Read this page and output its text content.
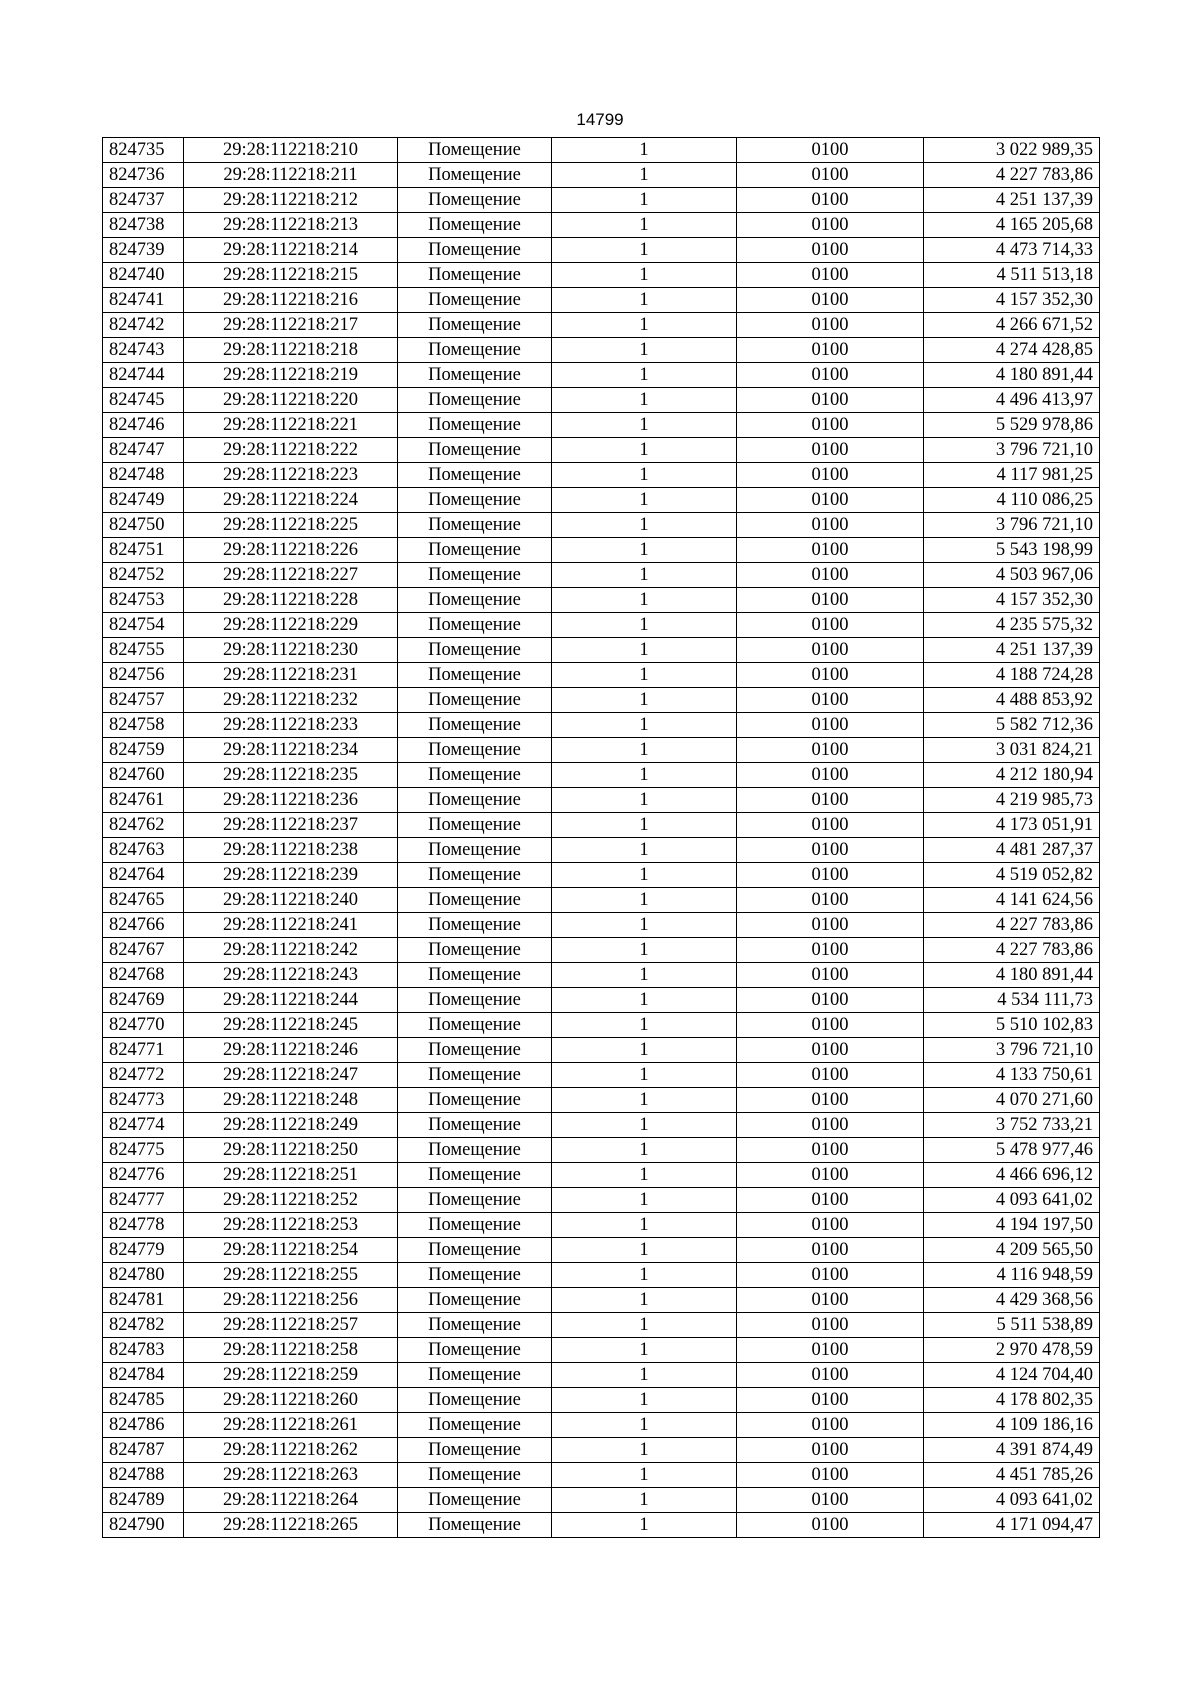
14799
824735	29:28:112218:210	Помещение	1	0100	3 022 989,35
824736	29:28:112218:211	Помещение	1	0100	4 227 783,86
824737	29:28:112218:212	Помещение	1	0100	4 251 137,39
824738	29:28:112218:213	Помещение	1	0100	4 165 205,68
824739	29:28:112218:214	Помещение	1	0100	4 473 714,33
824740	29:28:112218:215	Помещение	1	0100	4 511 513,18
824741	29:28:112218:216	Помещение	1	0100	4 157 352,30
824742	29:28:112218:217	Помещение	1	0100	4 266 671,52
824743	29:28:112218:218	Помещение	1	0100	4 274 428,85
824744	29:28:112218:219	Помещение	1	0100	4 180 891,44
824745	29:28:112218:220	Помещение	1	0100	4 496 413,97
824746	29:28:112218:221	Помещение	1	0100	5 529 978,86
824747	29:28:112218:222	Помещение	1	0100	3 796 721,10
824748	29:28:112218:223	Помещение	1	0100	4 117 981,25
824749	29:28:112218:224	Помещение	1	0100	4 110 086,25
824750	29:28:112218:225	Помещение	1	0100	3 796 721,10
824751	29:28:112218:226	Помещение	1	0100	5 543 198,99
824752	29:28:112218:227	Помещение	1	0100	4 503 967,06
824753	29:28:112218:228	Помещение	1	0100	4 157 352,30
824754	29:28:112218:229	Помещение	1	0100	4 235 575,32
824755	29:28:112218:230	Помещение	1	0100	4 251 137,39
824756	29:28:112218:231	Помещение	1	0100	4 188 724,28
824757	29:28:112218:232	Помещение	1	0100	4 488 853,92
824758	29:28:112218:233	Помещение	1	0100	5 582 712,36
824759	29:28:112218:234	Помещение	1	0100	3 031 824,21
824760	29:28:112218:235	Помещение	1	0100	4 212 180,94
824761	29:28:112218:236	Помещение	1	0100	4 219 985,73
824762	29:28:112218:237	Помещение	1	0100	4 173 051,91
824763	29:28:112218:238	Помещение	1	0100	4 481 287,37
824764	29:28:112218:239	Помещение	1	0100	4 519 052,82
824765	29:28:112218:240	Помещение	1	0100	4 141 624,56
824766	29:28:112218:241	Помещение	1	0100	4 227 783,86
824767	29:28:112218:242	Помещение	1	0100	4 227 783,86
824768	29:28:112218:243	Помещение	1	0100	4 180 891,44
824769	29:28:112218:244	Помещение	1	0100	4 534 111,73
824770	29:28:112218:245	Помещение	1	0100	5 510 102,83
824771	29:28:112218:246	Помещение	1	0100	3 796 721,10
824772	29:28:112218:247	Помещение	1	0100	4 133 750,61
824773	29:28:112218:248	Помещение	1	0100	4 070 271,60
824774	29:28:112218:249	Помещение	1	0100	3 752 733,21
824775	29:28:112218:250	Помещение	1	0100	5 478 977,46
824776	29:28:112218:251	Помещение	1	0100	4 466 696,12
824777	29:28:112218:252	Помещение	1	0100	4 093 641,02
824778	29:28:112218:253	Помещение	1	0100	4 194 197,50
824779	29:28:112218:254	Помещение	1	0100	4 209 565,50
824780	29:28:112218:255	Помещение	1	0100	4 116 948,59
824781	29:28:112218:256	Помещение	1	0100	4 429 368,56
824782	29:28:112218:257	Помещение	1	0100	5 511 538,89
824783	29:28:112218:258	Помещение	1	0100	2 970 478,59
824784	29:28:112218:259	Помещение	1	0100	4 124 704,40
824785	29:28:112218:260	Помещение	1	0100	4 178 802,35
824786	29:28:112218:261	Помещение	1	0100	4 109 186,16
824787	29:28:112218:262	Помещение	1	0100	4 391 874,49
824788	29:28:112218:263	Помещение	1	0100	4 451 785,26
824789	29:28:112218:264	Помещение	1	0100	4 093 641,02
824790	29:28:112218:265	Помещение	1	0100	4 171 094,47
